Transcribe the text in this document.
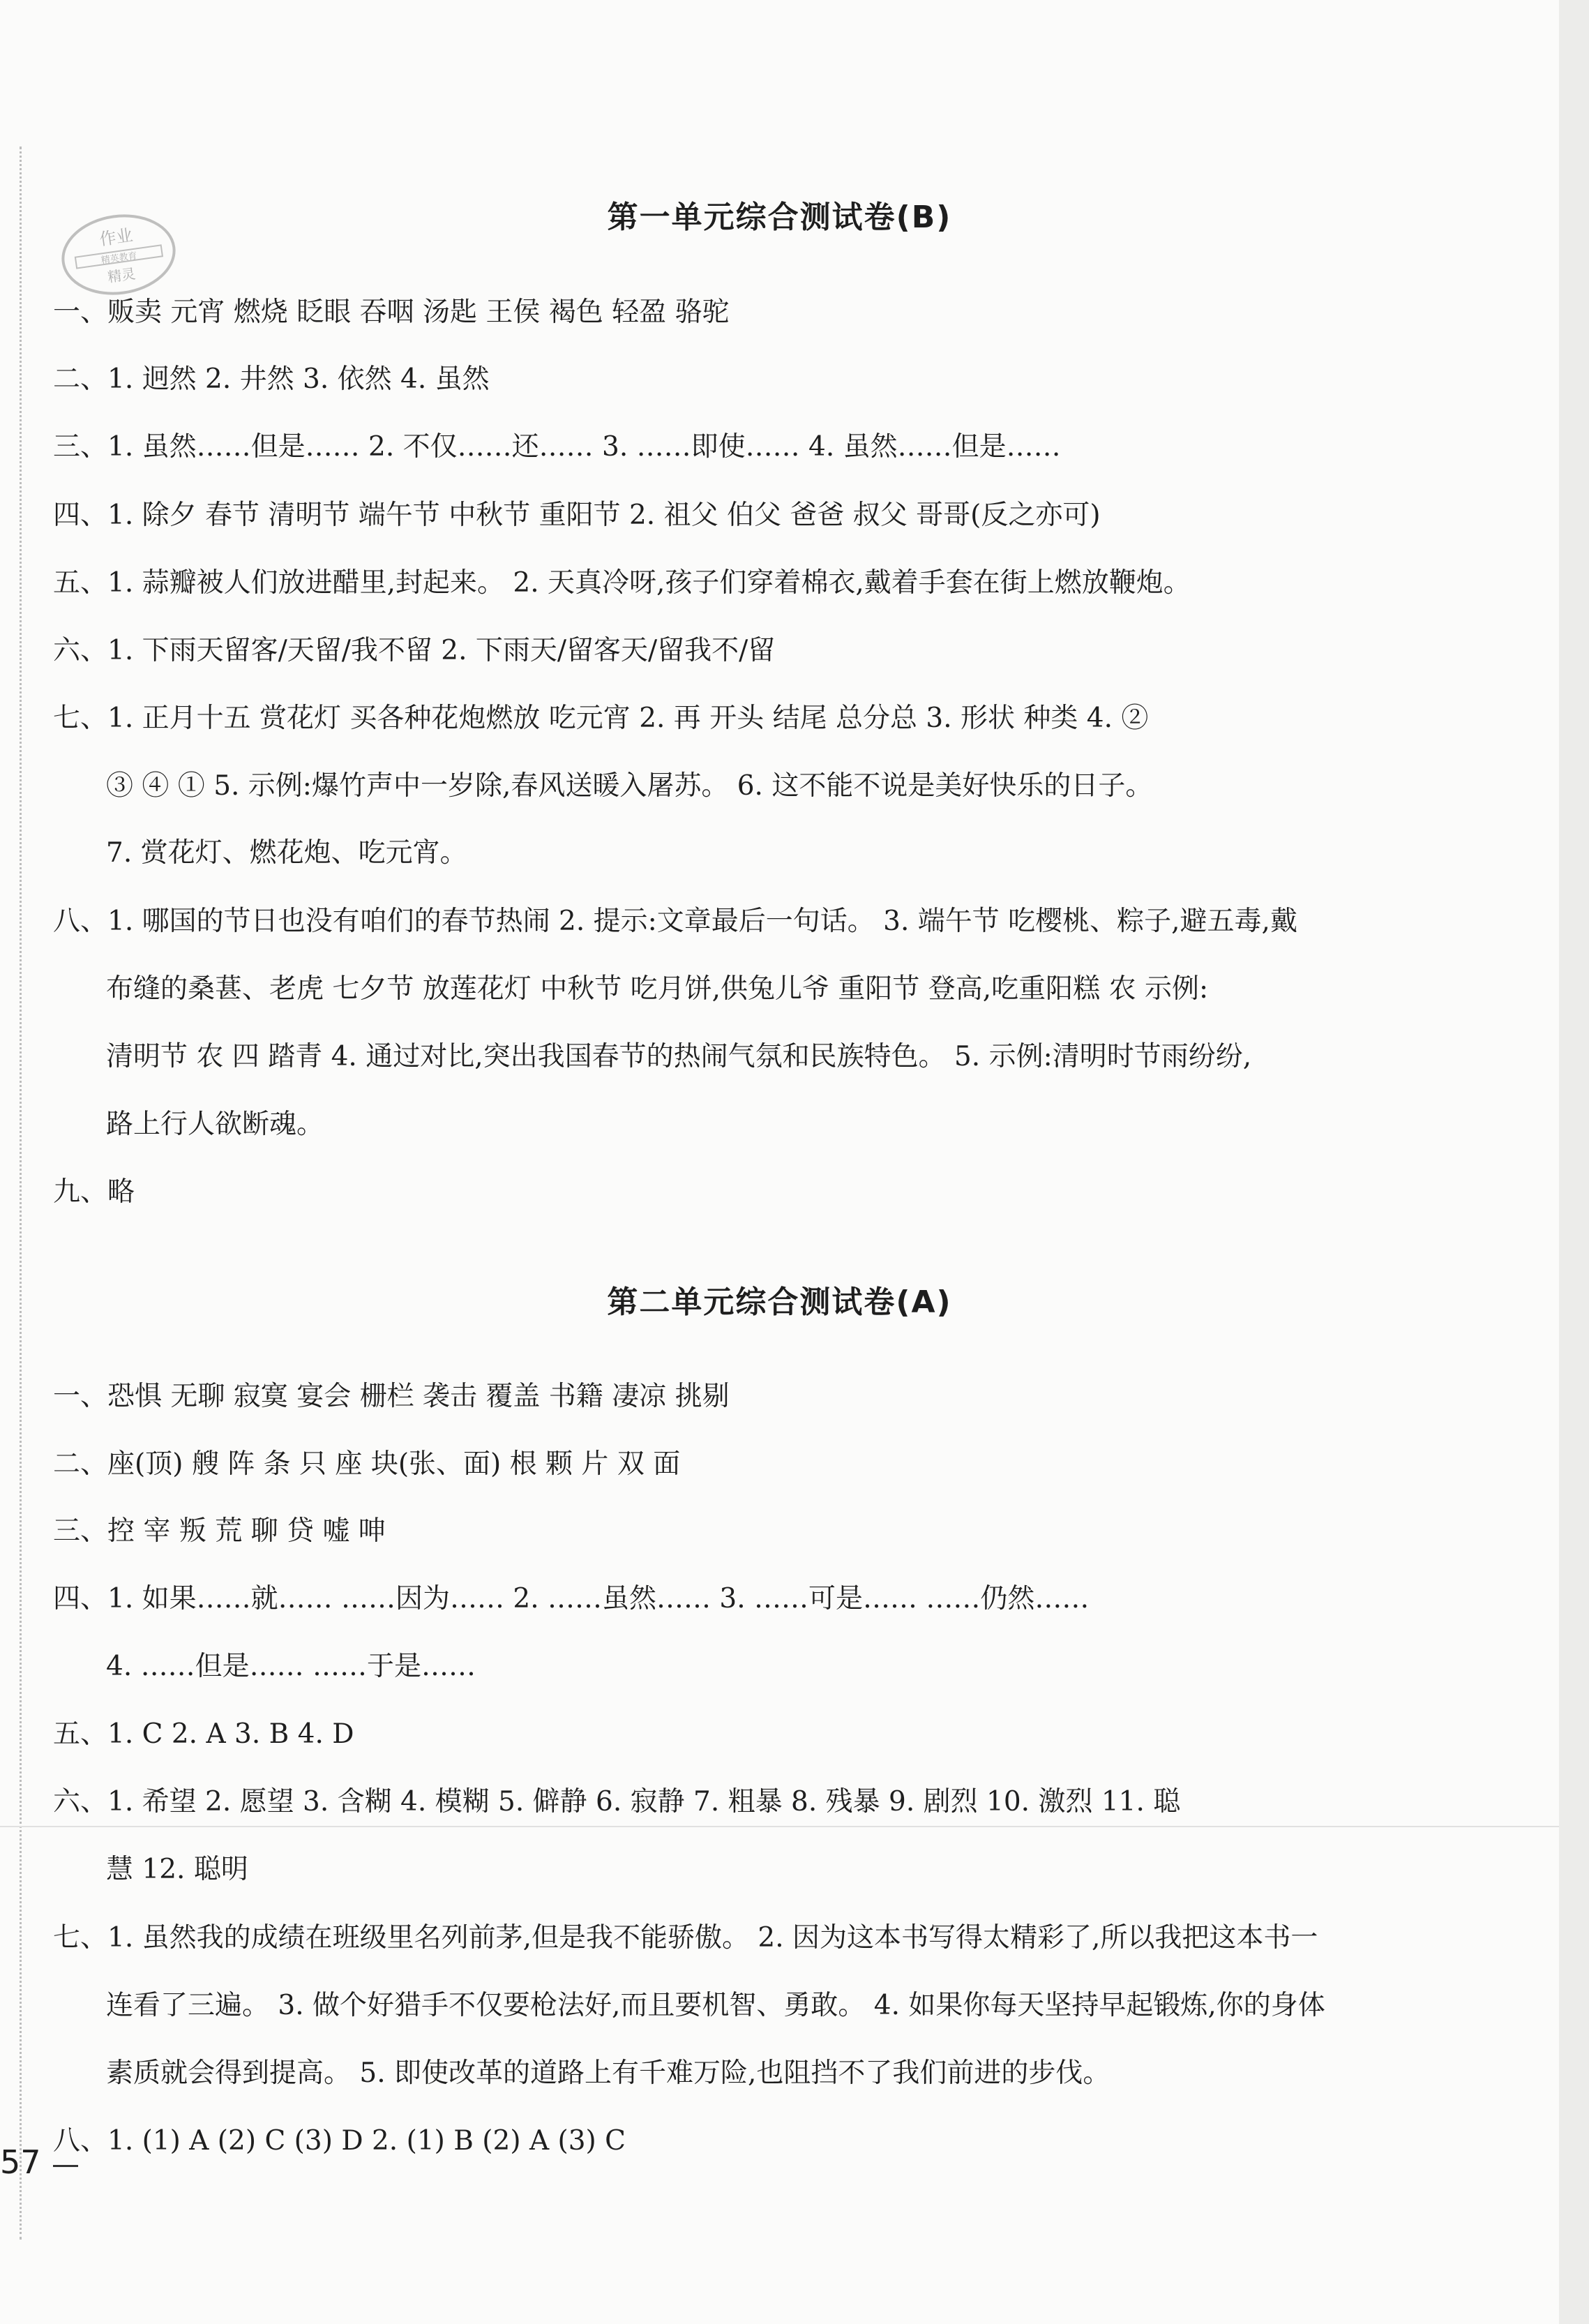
作业
精英教育
精灵
第一单元综合测试卷(B)

一、贩卖 元宵 燃烧 眨眼 吞咽 汤匙 王侯 褐色 轻盈 骆驼

二、1. 迥然 2. 井然 3. 依然 4. 虽然

三、1. 虽然……但是…… 2. 不仅……还…… 3. ……即使…… 4. 虽然……但是……

四、1. 除夕 春节 清明节 端午节 中秋节 重阳节 2. 祖父 伯父 爸爸 叔父 哥哥(反之亦可)

五、1. 蒜瓣被人们放进醋里,封起来。 2. 天真冷呀,孩子们穿着棉衣,戴着手套在街上燃放鞭炮。

六、1. 下雨天留客/天留/我不留 2. 下雨天/留客天/留我不/留

七、1. 正月十五 赏花灯 买各种花炮燃放 吃元宵 2. 再 开头 结尾 总分总 3. 形状 种类 4. ②

③ ④ ① 5. 示例:爆竹声中一岁除,春风送暖入屠苏。 6. 这不能不说是美好快乐的日子。

7. 赏花灯、燃花炮、吃元宵。

八、1. 哪国的节日也没有咱们的春节热闹 2. 提示:文章最后一句话。 3. 端午节 吃樱桃、粽子,避五毒,戴

布缝的桑葚、老虎 七夕节 放莲花灯 中秋节 吃月饼,供兔儿爷 重阳节 登高,吃重阳糕 农 示例:

清明节 农 四 踏青 4. 通过对比,突出我国春节的热闹气氛和民族特色。 5. 示例:清明时节雨纷纷,

路上行人欲断魂。

九、略

第二单元综合测试卷(A)

一、恐惧 无聊 寂寞 宴会 栅栏 袭击 覆盖 书籍 凄凉 挑剔

二、座(顶) 艘 阵 条 只 座 块(张、面) 根 颗 片 双 面

三、控 宰 叛 荒 聊 贷 嘘 呻

四、1. 如果……就…… ……因为…… 2. ……虽然…… 3. ……可是…… ……仍然……

4. ……但是…… ……于是……

五、1. C 2. A 3. B 4. D

六、1. 希望 2. 愿望 3. 含糊 4. 模糊 5. 僻静 6. 寂静 7. 粗暴 8. 残暴 9. 剧烈 10. 激烈 11. 聪

慧 12. 聪明

七、1. 虽然我的成绩在班级里名列前茅,但是我不能骄傲。 2. 因为这本书写得太精彩了,所以我把这本书一

连看了三遍。 3. 做个好猎手不仅要枪法好,而且要机智、勇敢。 4. 如果你每天坚持早起锻炼,你的身体

素质就会得到提高。 5. 即使改革的道路上有千难万险,也阻挡不了我们前进的步伐。

八、1. (1) A (2) C (3) D 2. (1) B (2) A (3) C

57
